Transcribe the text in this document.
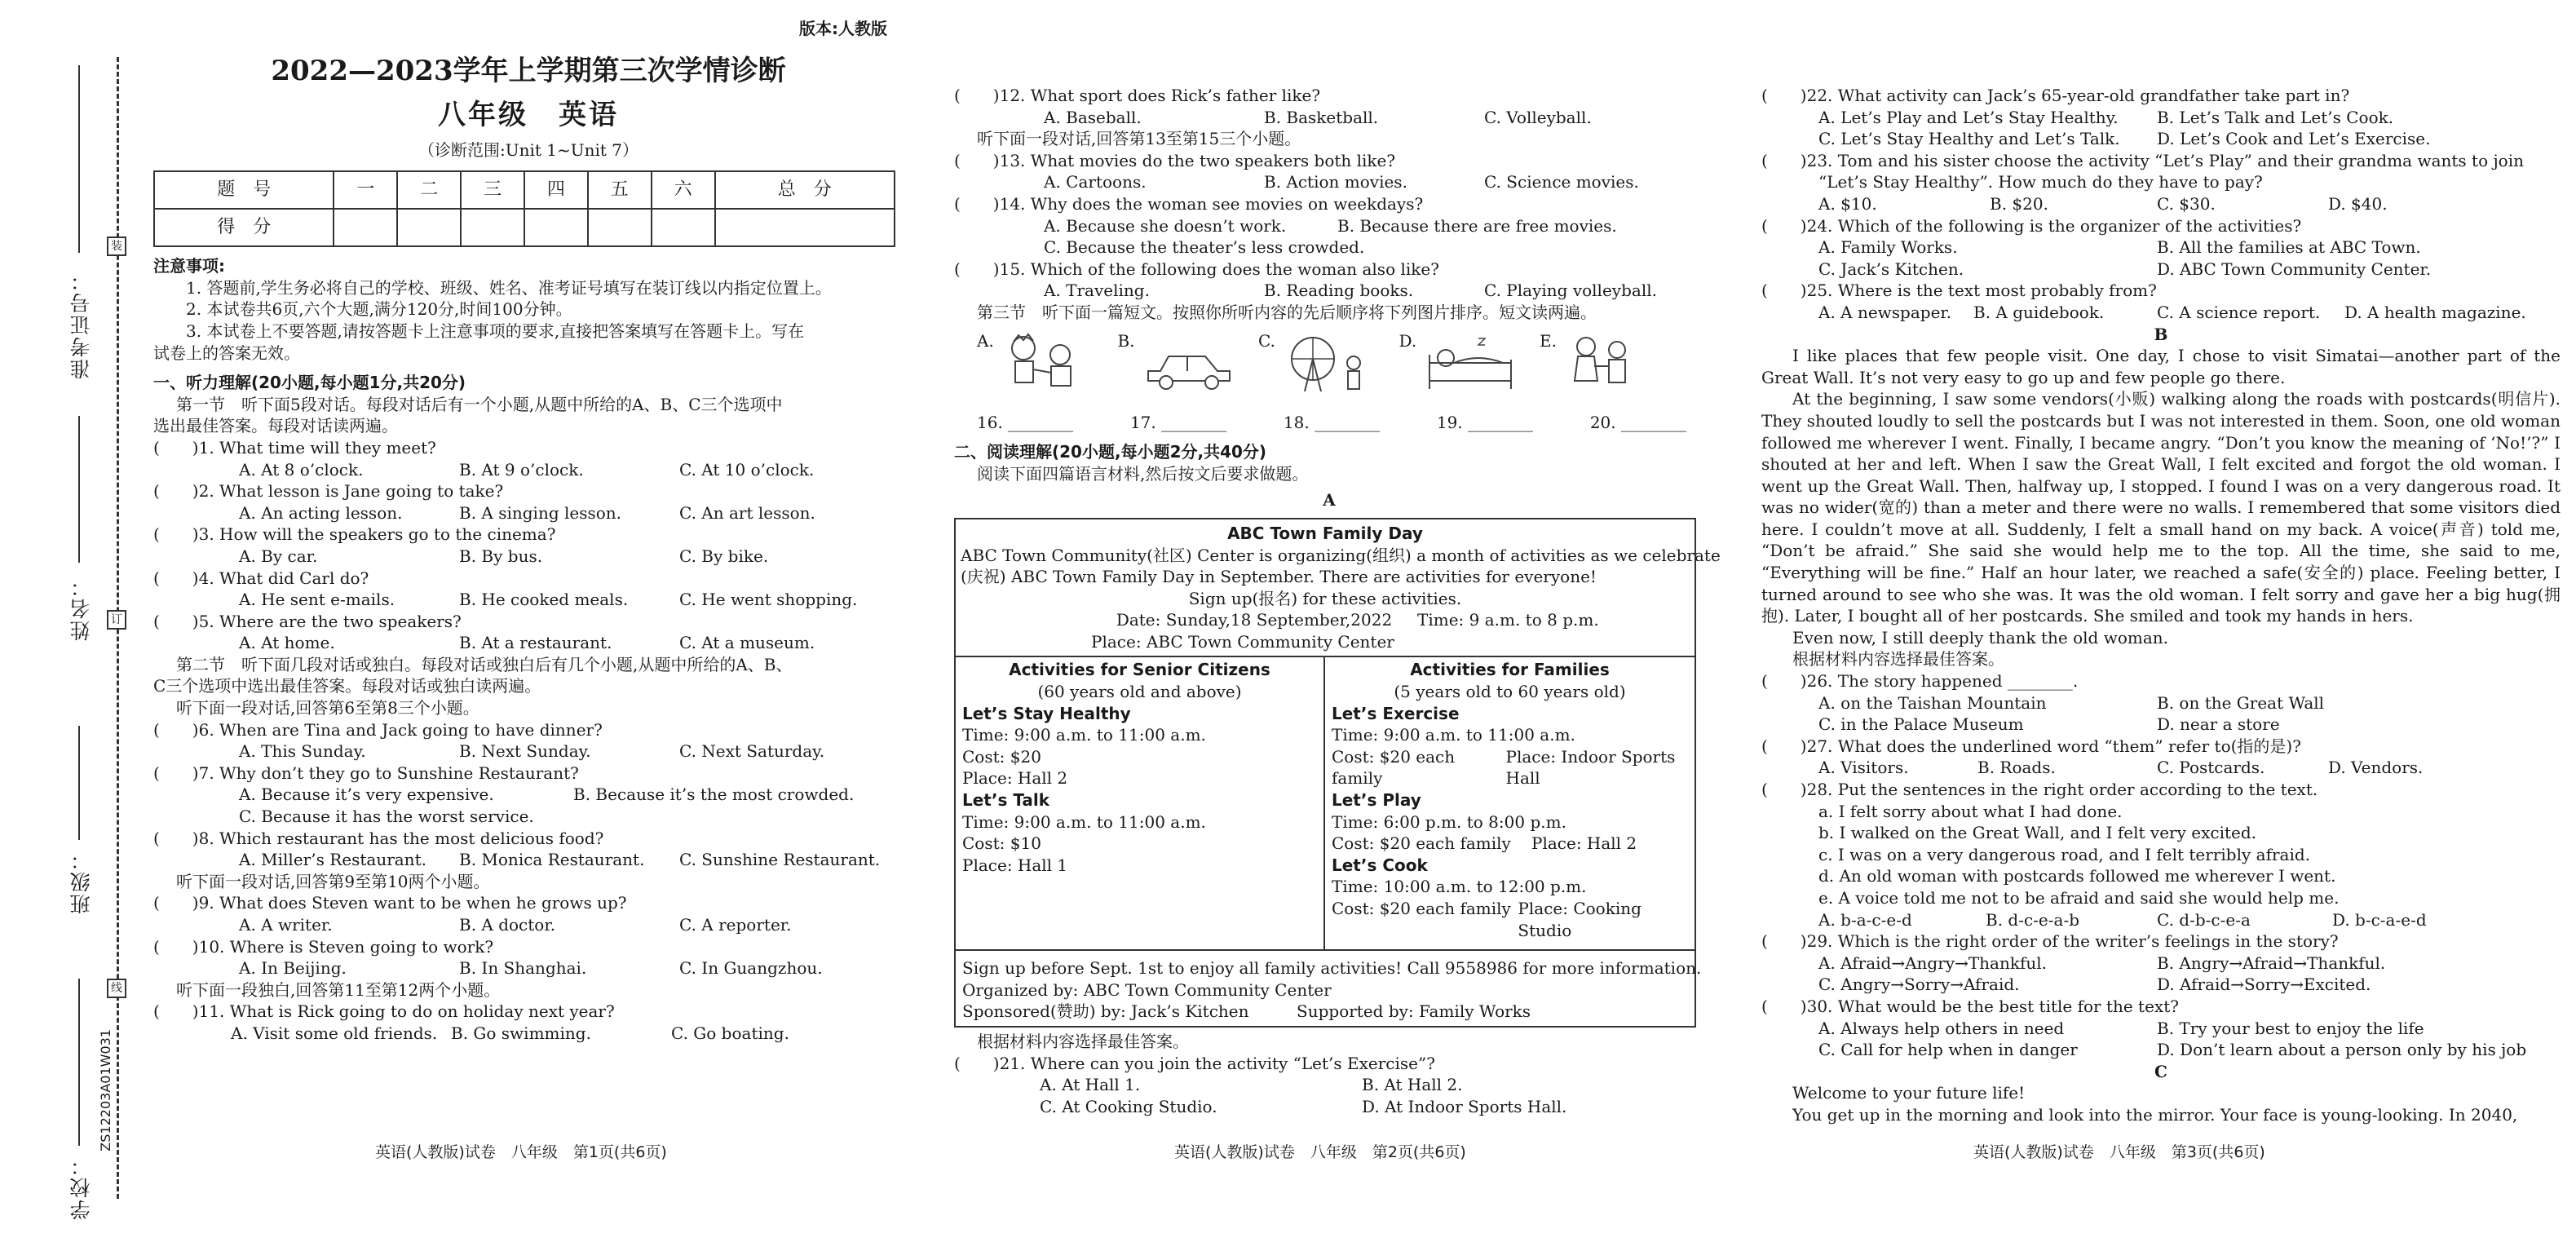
准考证号：
装
姓名：	订
班级：
线
学校：
ZS12203A01W031
版本:人教版
2022—2023学年上学期第三次学情诊断
八年级　英语
（诊断范围:Unit 1~Unit 7）
题　号	一	二	三	四	五	六	总　分
得　分							

注意事项:

1. 答题前,学生务必将自己的学校、班级、姓名、准考证号填写在装订线以内指定位置上。

2. 本试卷共6页,六个大题,满分120分,时间100分钟。

3. 本试卷上不要答题,请按答题卡上注意事项的要求,直接把答案填写在答题卡上。写在

试卷上的答案无效。

一、听力理解(20小题,每小题1分,共20分)

第一节　听下面5段对话。每段对话后有一个小题,从题中所给的A、B、C三个选项中

选出最佳答案。每段对话读两遍。

(　　)1. What time will they meet?

A. At 8 o’clock.	B. At 9 o’clock.	C. At 10 o’clock.

(　　)2. What lesson is Jane going to take?

A. An acting lesson.	B. A singing lesson.	C. An art lesson.

(　　)3. How will the speakers go to the cinema?

A. By car.	B. By bus.	C. By bike.

(　　)4. What did Carl do?

A. He sent e-mails.	B. He cooked meals.	C. He went shopping.

(　　)5. Where are the two speakers?

A. At home.	B. At a restaurant.	C. At a museum.

第二节　听下面几段对话或独白。每段对话或独白后有几个小题,从题中所给的A、B、

C三个选项中选出最佳答案。每段对话或独白读两遍。

听下面一段对话,回答第6至第8三个小题。

(　　)6. When are Tina and Jack going to have dinner?

A. This Sunday.	B. Next Sunday.	C. Next Saturday.

(　　)7. Why don’t they go to Sunshine Restaurant?

A. Because it’s very expensive.	B. Because it’s the most crowded.
C. Because it has the worst service.

(　　)8. Which restaurant has the most delicious food?

A. Miller’s Restaurant.	B. Monica Restaurant.	C. Sunshine Restaurant.

听下面一段对话,回答第9至第10两个小题。

(　　)9. What does Steven want to be when he grows up?

A. A writer.	B. A doctor.	C. A reporter.

(　　)10. Where is Steven going to work?

A. In Beijing.	B. In Shanghai.	C. In Guangzhou.

听下面一段独白,回答第11至第12两个小题。

(　　)11. What is Rick going to do on holiday next year?

A. Visit some old friends. B. Go swimming.	C. Go boating.
英语(人教版)试卷　八年级　第1页(共6页)

(　　)12. What sport does Rick’s father like?

A. Baseball.	B. Basketball.	C. Volleyball.

听下面一段对话,回答第13至第15三个小题。

(　　)13. What movies do the two speakers both like?

A. Cartoons.	B. Action movies.	C. Science movies.

(　　)14. Why does the woman see movies on weekdays?

A. Because she doesn’t work.	B. Because there are free movies.
C. Because the theater’s less crowded.

(　　)15. Which of the following does the woman also like?

A. Traveling.	B. Reading books.	C. Playing volleyball.

第三节　听下面一篇短文。按照你所听内容的先后顺序将下列图片排序。短文读两遍。

A.	B.	C.	D.	E.
16. ________	17. ________	18. ________	19. ________	20. ________

二、阅读理解(20小题,每小题2分,共40分)

阅读下面四篇语言材料,然后按文后要求做题。

A

ABC Town Family Day

ABC Town Community(社区) Center is organizing(组织) a month of activities as we celebrate

(庆祝) ABC Town Family Day in September. There are activities for everyone!

Sign up(报名) for these activities.

Date: Sunday,18 September,2022	Time: 9 a.m. to 8 p.m.

Place: ABC Town Community Center

Activities for Senior Citizens

(60 years old and above)

Let’s Stay Healthy

Time: 9:00 a.m. to 11:00 a.m.

Cost: $20

Place: Hall 2

Let’s Talk

Time: 9:00 a.m. to 11:00 a.m.

Cost: $10

Place: Hall 1

Activities for Families

(5 years old to 60 years old)

Let’s Exercise

Time: 9:00 a.m. to 11:00 a.m.

Cost: $20 each family
Place: Indoor Sports Hall

Let’s Play

Time: 6:00 p.m. to 8:00 p.m.

Cost: $20 each family	Place: Hall 2

Let’s Cook

Time: 10:00 a.m. to 12:00 p.m.

Cost: $20 each family Place: Cooking Studio

Sign up before Sept. 1st to enjoy all family activities! Call 9558986 for more information.

Organized by: ABC Town Community Center

Sponsored(赞助) by: Jack’s Kitchen	Supported by: Family Works

根据材料内容选择最佳答案。

(　　)21. Where can you join the activity “Let’s Exercise”?

A. At Hall 1.	B. At Hall 2.
C. At Cooking Studio.	D. At Indoor Sports Hall.
英语(人教版)试卷　八年级　第2页(共6页)

(　　)22. What activity can Jack’s 65-year-old grandfather take part in?

A. Let’s Play and Let’s Stay Healthy.	B. Let’s Talk and Let’s Cook.
C. Let’s Stay Healthy and Let’s Talk.	D. Let’s Cook and Let’s Exercise.

(　　)23. Tom and his sister choose the activity “Let’s Play” and their grandma wants to join

“Let’s Stay Healthy”. How much do they have to pay?

A. $10.	B. $20.	C. $30.	D. $40.

(　　)24. Which of the following is the organizer of the activities?

A. Family Works.	B. All the families at ABC Town.
C. Jack’s Kitchen.	D. ABC Town Community Center.

(　　)25. Where is the text most probably from?

A. A newspaper.	B. A guidebook.	C. A science report.	D. A health magazine.

B

I like places that few people visit. One day, I chose to visit Simatai—another part of the Great Wall. It’s not very easy to go up and few people go there.

At the beginning, I saw some vendors(小贩) walking along the roads with postcards(明信片). They shouted loudly to sell the postcards but I was not interested in them. Soon, one old woman followed me wherever I went. Finally, I became angry. “Don’t you know the meaning of ‘No!’?” I shouted at her and left. When I saw the Great Wall, I felt excited and forgot the old woman. I went up the Great Wall. Then, halfway up, I stopped. I found I was on a very dangerous road. It was no wider(宽的) than a meter and there were no walls. I remembered that some visitors died here. I couldn’t move at all. Suddenly, I felt a small hand on my back. A voice(声音) told me, “Don’t be afraid.” She said she would help me to the top. All the time, she said to me, “Everything will be fine.” Half an hour later, we reached a safe(安全的) place. Feeling better, I turned around to see who she was. It was the old woman. I felt sorry and gave her a big hug(拥抱). Later, I bought all of her postcards. She smiled and took my hands in hers.

Even now, I still deeply thank the old woman.

根据材料内容选择最佳答案。

(　　)26. The story happened ________.

A. on the Taishan Mountain	B. on the Great Wall
C. in the Palace Museum	D. near a store

(　　)27. What does the underlined word “them” refer to(指的是)?

A. Visitors.	B. Roads.	C. Postcards.	D. Vendors.

(　　)28. Put the sentences in the right order according to the text.

a. I felt sorry about what I had done.

b. I walked on the Great Wall, and I felt very excited.

c. I was on a very dangerous road, and I felt terribly afraid.

d. An old woman with postcards followed me wherever I went.

e. A voice told me not to be afraid and said she would help me.

A. b-a-c-e-d	B. d-c-e-a-b	C. d-b-c-e-a	D. b-c-a-e-d

(　　)29. Which is the right order of the writer’s feelings in the story?

A. Afraid→Angry→Thankful.	B. Angry→Afraid→Thankful.
C. Angry→Sorry→Afraid.	D. Afraid→Sorry→Excited.

(　　)30. What would be the best title for the text?

A. Always help others in need	B. Try your best to enjoy the life
C. Call for help when in danger	D. Don’t learn about a person only by his job

C

Welcome to your future life!

You get up in the morning and look into the mirror. Your face is young-looking. In 2040,

英语(人教版)试卷　八年级　第3页(共6页)
